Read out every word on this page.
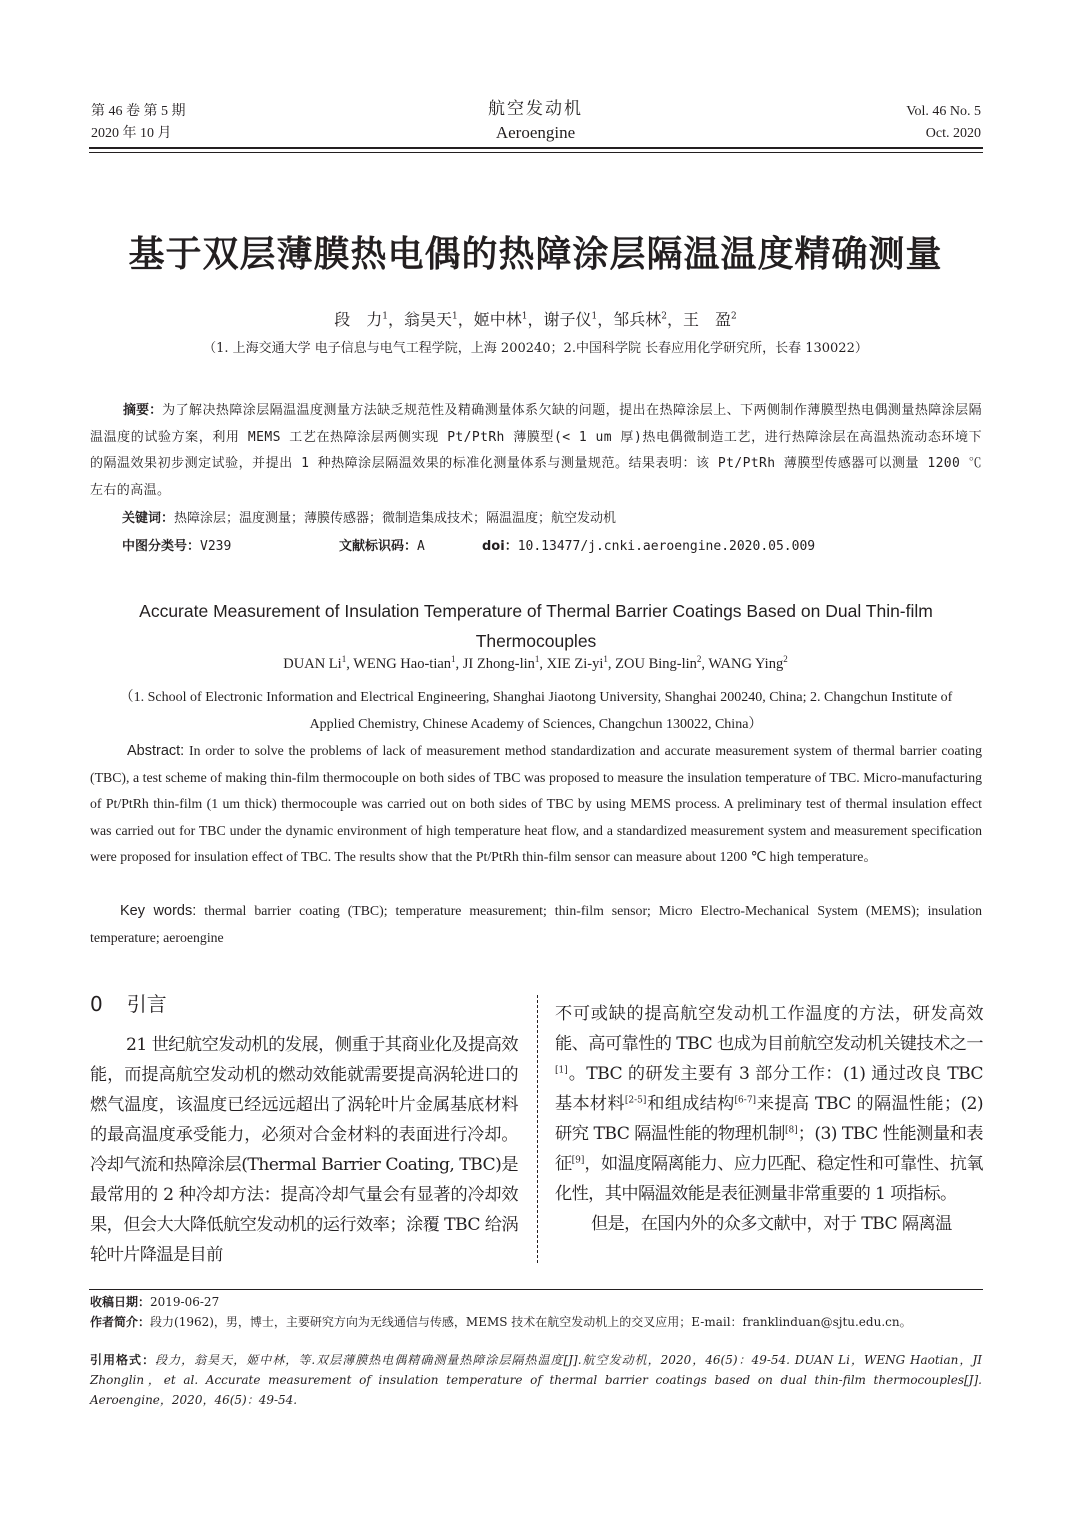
第 46 卷 第 5 期
2020 年 10 月
航空发动机
Aeroengine
Vol. 46 No. 5
Oct. 2020
基于双层薄膜热电偶的热障涂层隔温温度精确测量
段　力$^1$，翁昊天$^1$，姬中林$^1$，谢子仪$^1$，邹兵林$^2$，王　盈$^2$
（1. 上海交通大学 电子信息与电气工程学院，上海 200240；2.中国科学院 长春应用化学研究所，长春 130022）
摘要：为了解决热障涂层隔温温度测量方法缺乏规范性及精确测量体系欠缺的问题，提出在热障涂层上、下两侧制作薄膜型热电偶测量热障涂层隔温温度的试验方案，利用 MEMS 工艺在热障涂层两侧实现 Pt/PtRh 薄膜型(< 1 um 厚)热电偶微制造工艺，进行热障涂层在高温热流动态环境下的隔温效果初步测定试验，并提出 1 种热障涂层隔温效果的标准化测量体系与测量规范。结果表明：该 Pt/PtRh 薄膜型传感器可以测量 1200 ℃左右的高温。
关键词：热障涂层；温度测量；薄膜传感器；微制造集成技术；隔温温度；航空发动机
中图分类号：V239	文献标识码：A	doi：10.13477/j.cnki.aeroengine.2020.05.009
Accurate Measurement of Insulation Temperature of Thermal Barrier Coatings Based on Dual Thin-film Thermocouples
DUAN Li$^1$, WENG Hao-tian$^1$, JI Zhong-lin$^1$, XIE $Zi-yi^1$, ZOU Bing-lin$^2$, WANG Ying$^2$
（1. School of Electronic Information and Electrical Engineering, Shanghai Jiaotong University, Shanghai 200240, China; 2. Changchun Institute of Applied Chemistry, Chinese Academy of Sciences, Changchun 130022, China）
Abstract: In order to solve the problems of lack of measurement method standardization and accurate measurement system of thermal barrier coating (TBC), a test scheme of making thin-film thermocouple on both sides of TBC was proposed to measure the insulation temperature of TBC. Micro-manufacturing of Pt/PtRh thin-film (1 um thick) thermocouple was carried out on both sides of TBC by using MEMS process. A preliminary test of thermal insulation effect was carried out for TBC under the dynamic environment of high temperature heat flow, and a standardized measurement system and measurement specification were proposed for insulation effect of TBC. The results show that the Pt/PtRh thin-film sensor can measure about 1200 ℃ high temperature。
Key words: thermal barrier coating (TBC); temperature measurement; thin-film sensor; Micro Electro-Mechanical System (MEMS); insulation temperature; aeroengine
0 引言
21 世纪航空发动机的发展，侧重于其商业化及提高效能，而提高航空发动机的燃动效能就需要提高涡轮进口的燃气温度，该温度已经远远超出了涡轮叶片金属基底材料的最高温度承受能力，必须对合金材料的表面进行冷却。冷却气流和热障涂层(Thermal Barrier Coating, TBC)是最常用的 2 种冷却方法：提高冷却气量会有显著的冷却效果，但会大大降低航空发动机的运行效率；涂覆 TBC 给涡轮叶片降温是目前
不可或缺的提高航空发动机工作温度的方法，研发高效能、高可靠性的 TBC 也成为目前航空发动机关键技术之一[1]。TBC 的研发主要有 3 部分工作：(1) 通过改良 TBC 基本材料[2-5]和组成结构[6-7]来提高 TBC 的隔温性能；(2) 研究 TBC 隔温性能的物理机制[8]；(3) TBC 性能测量和表征[9]，如温度隔离能力、应力匹配、稳定性和可靠性、抗氧化性，其中隔温效能是表征测量非常重要的 1 项指标。
但是，在国内外的众多文献中，对于 TBC 隔离温
收稿日期：2019-06-27
作者简介：段力(1962)，男，博士，主要研究方向为无线通信与传感，MEMS 技术在航空发动机上的交叉应用；E-mail：franklinduan@sjtu.edu.cn。
引用格式：段力，翁昊天，姬中林，等.双层薄膜热电偶精确测量热障涂层隔热温度[J].航空发动机，2020，46(5)：49-54. DUAN Li，WENG Haotian，JI Zhonglin，et al. Accurate measurement of insulation temperature of thermal barrier coatings based on dual thin-film thermocouples[J]. Aeroengine，2020，46(5)：49-54.
